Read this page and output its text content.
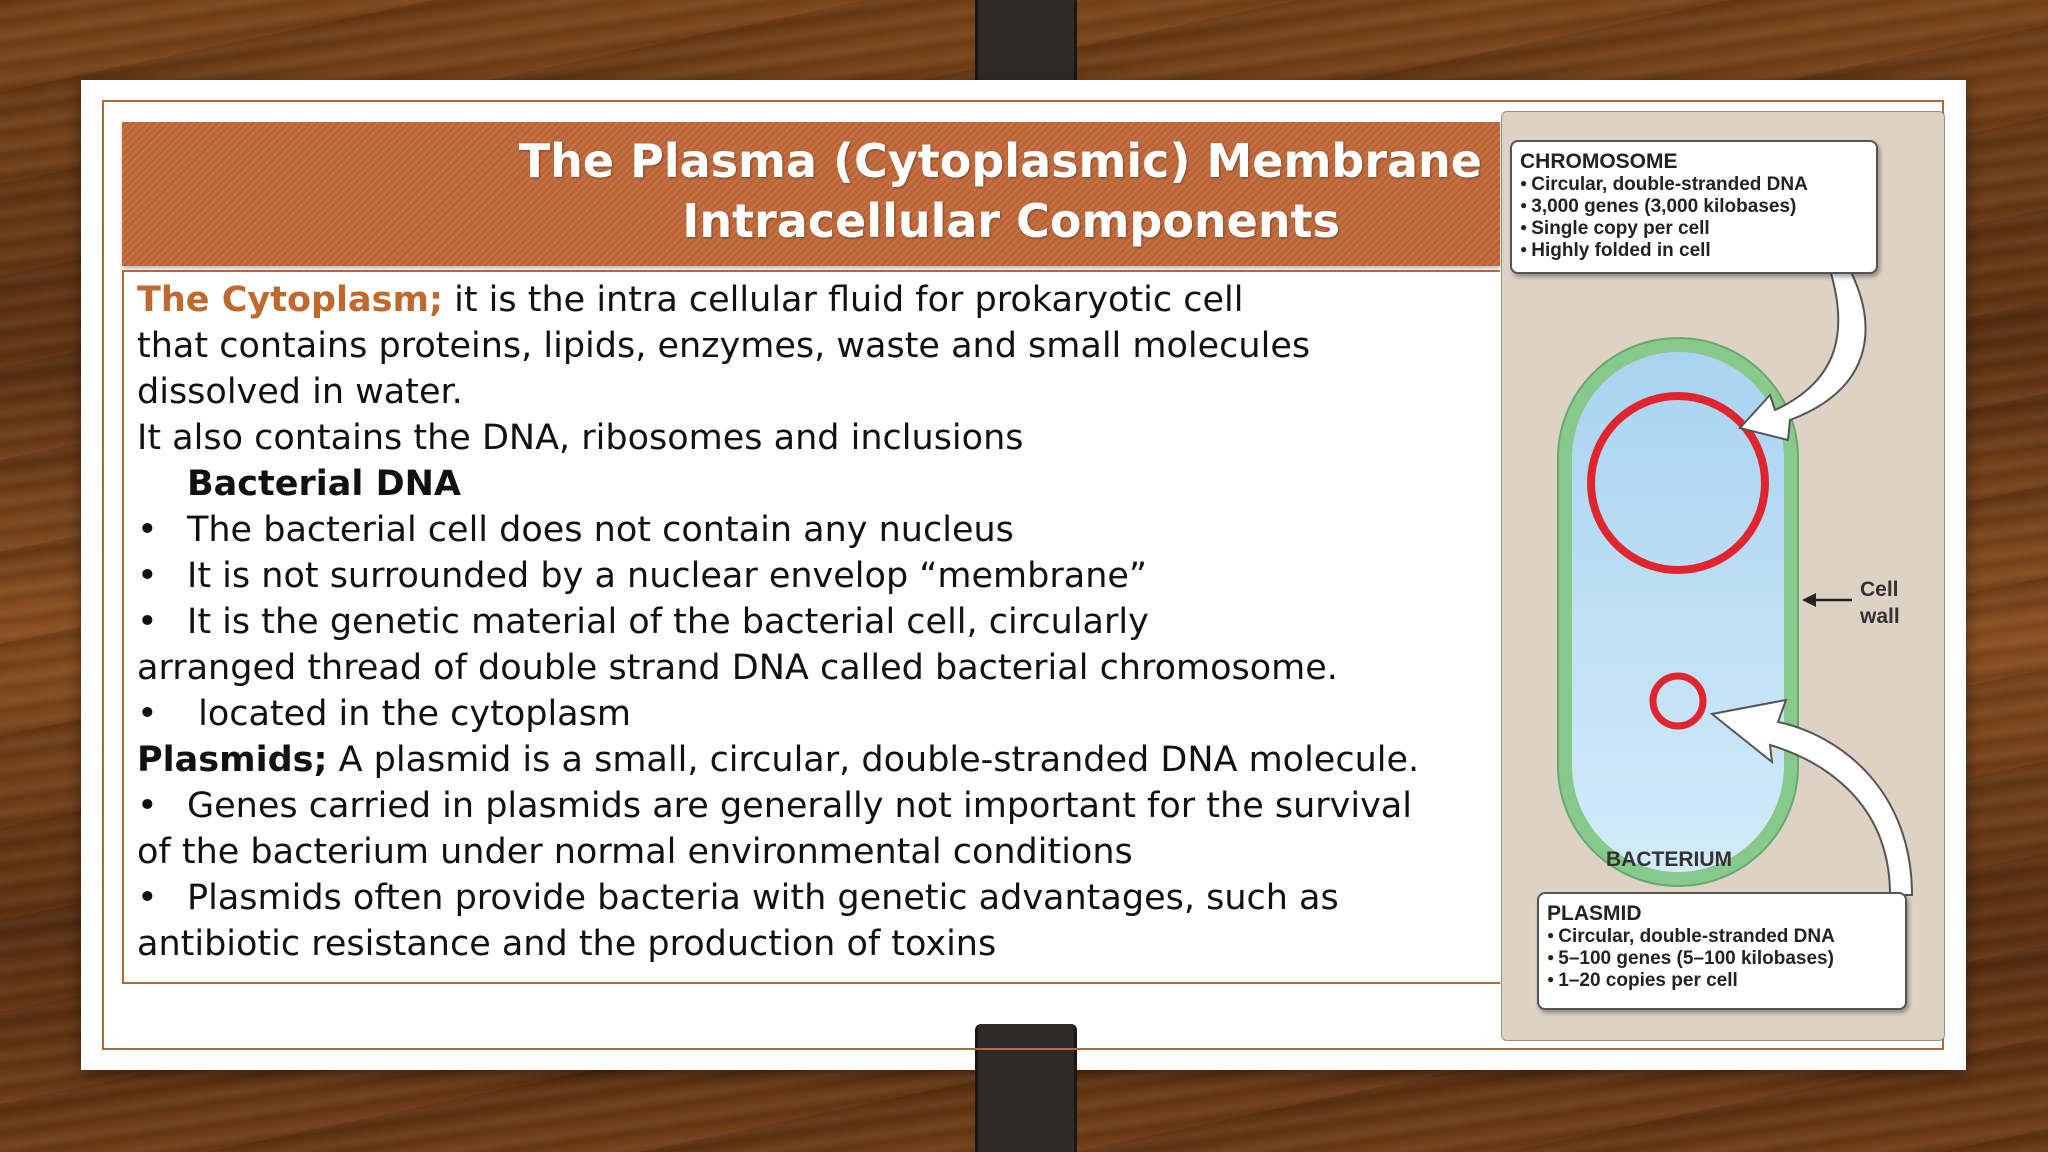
The Plasma (Cytoplasmic) Membrane
Intracellular Components
The Cytoplasm; it is the intra cellular fluid for prokaryotic cell
that contains proteins, lipids, enzymes, waste and small molecules
dissolved in water.
It also contains the DNA, ribosomes and inclusions
Bacterial DNA
• The bacterial cell does not contain any nucleus
• It is not surrounded by a nuclear envelop “membrane”
• It is the genetic material of the bacterial cell, circularly
arranged thread of double strand DNA called bacterial chromosome.
• located in the cytoplasm
Plasmids; A plasmid is a small, circular, double-stranded DNA molecule.
• Genes carried in plasmids are generally not important for the survival
of the bacterium under normal environmental conditions
• Plasmids often provide bacteria with genetic advantages, such as
antibiotic resistance and the production of toxins
CHROMOSOME
● Circular, double-stranded DNA
● 3,000 genes (3,000 kilobases)
● Single copy per cell
● Highly folded in cell
PLASMID
● Circular, double-stranded DNA
● 5–100 genes (5–100 kilobases)
● 1–20 copies per cell
BACTERIUM
Cell
wall
